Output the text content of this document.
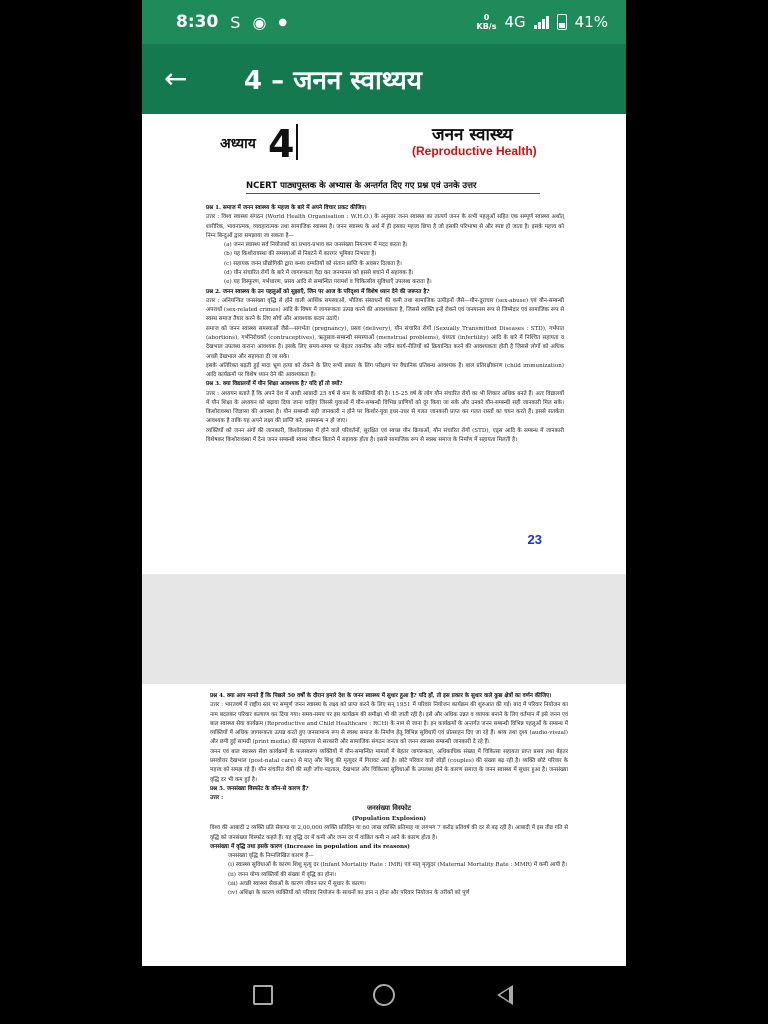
8:30 S ◉ ●	0
KB/s 4G	41%
←	4 – जनन स्वाथ्यय
अध्याय 4	जनन स्वास्थ्य
(Reproductive Health)
NCERT पाठ्यपुस्तक के अभ्यास के अन्तर्गत दिए गए प्रश्न एवं उनके उत्तर
प्रश्न 1. समाज में जनन स्वास्थ्य के महत्त्व के बारे में अपने विचार प्रकट कीजिए।
उत्तर : विश्व स्वास्थ्य संगठन (World Health Organisation : W.H.O.) के अनुसार जनन स्वास्थ्य का तात्पर्य जनन के सभी पहलुओं सहित एक सम्पूर्ण स्वास्थ्य अर्थात् शारीरिक, भावनात्मक, व्यवहारात्मक तथा सामाजिक स्वास्थ्य है। जनन स्वास्थ्य के अर्थ में ही इसका महत्त्व छिपा है जो इसकी परिभाषा से और स्पष्ट हो जाता है। इसके महत्त्व को निम्न बिन्दुओं द्वारा समझाया जा सकता है—
(a) जनन स्वास्थ्य सर्व नियोजकों का प्रभाव-प्रभाव कर जनसंख्या नियन्त्रण में मदद करता है।
(b) यह किशोरावस्था की समस्याओं से निबटने में कारगर भूमिका निभाता है।
(c) सहायक जनन प्रौद्योगिकी द्वारा बन्ध्य दम्पतियों को संतान प्राप्ति के अवसर दिलाता है।
(d) यौन संचारित रोगों के बारे में जागरूकता पैदा कर जनमानस को इससे बचाने में सहायक है।
(e) यह विस्फुरण, गर्भधारण, प्रसव आदि से सम्बन्धित परामर्श व चिकित्सीय सुविधाएँ उपलब्ध कराता है।
प्रश्न 2. जनन स्वास्थ्य के उन पहलुओं को सुझाएँ, जिन पर आज के परिदृश्य में विशेष ध्यान देने की जरूरत है?
उत्तर : अनियन्त्रित जनसंख्या वृद्धि से होने वाली आर्थिक समस्याओं, भौतिक संसाधनों की कमी तथा सामाजिक उत्पीड़नों जैसे—यौन-दुराचार (sex-abuse) एवं यौन-सम्बन्धी अपराधों (sex-related crimes) आदि के विषय में जागरूकता उत्पन्न करने की आवश्यकता है, जिससे व्यक्ति इन्हें रोकने एवं जनमानस रूप से जिम्मेदार एवं सामाजिक रूप से स्वस्थ समाज तैयार करने के लिए सोचें और आवश्यक कदम उठाएँ।
समाज को जनन स्वास्थ्य समस्याओं जैसे—सगर्भता (pregnancy), प्रसव (delivery), यौन संचारित रोगों (Sexually Transmitted Diseases : STD), गर्भपात (abortions), गर्भनिरोधकों (contraceptives), ऋतुस्राव-सम्बन्धी समस्याओं (menstrual problems), बंध्यता (infertility) आदि के बारे में निश्चित सहायता व देखभाल उपलब्ध कराना आवश्यक है। इसके लिए समय-समय पर बेहतर तकनीक और नवीन कार्य-नीतियों को क्रियान्वित करने की आवश्यकता होती है जिससे लोगों को अधिक अच्छी देखभाल और सहायता दी जा सके।
इसके अतिरिक्त बढ़ती हुई मादा भ्रूण हत्या को रोकने के लिए सभी प्रकार के लिंग परीक्षण पर वैधानिक प्रतिबन्ध आवश्यक है। बाल प्रतिरक्षीकरण (child immunization) आदि कार्यक्रमों पर विशेष ध्यान देने की आवश्यकता है।
प्रश्न 3. क्या विद्यालयों में यौन शिक्षा आवश्यक है? यदि हाँ तो क्यों?
उत्तर : अध्ययन बताते हैं कि अपने देश में आधी आबादी 25 वर्ष से कम के व्यक्तियों की है। 15-25 वर्ष के लोग यौन संचारित रोगों का भी शिकार अधिक बनते हैं। अतः विद्यालयों में यौन शिक्षा के अध्ययन को बढ़ावा दिया जाना चाहिए जिससे युवाओं में यौन-सम्बन्धी विभिन्न प्राणियों को दूर किया जा सके और उनको यौन-सम्बन्धी सही जानकारी मिल सके। किशोरावस्था जिज्ञासा की अवस्था है। यौन सम्बन्धी सही जानकारी न होने पर किशोर-युवा इधर-उधर से गलत जानकारी प्राप्त कर गलत रास्तों का चयन करते हैं। इससे सतर्कता आवश्यक है ताकि यह अपने लक्ष्य की प्राप्ति करे, इसमबन्ध न हो जाए।
व्यक्तियों को जनन अंगों की जानकारी, किशोरावस्था में होने वाले परिवर्तनों, सुरक्षित एवं स्वच्छ यौन क्रियाओं, यौन संचारित रोगों (STD), एड्स आदि के सम्बन्ध में जानकारी विशेषकर किशोरावस्था में देना जनन सम्बन्धी स्वस्थ जीवन बिताने में सहायक होता है। इससे सामाजिक रूप से स्वस्थ समाज के निर्माण में सहायता मिलती है।
23
प्रश्न 4. क्या आप मानते हैं कि पिछले 50 वर्षों के दौरान हमारे देश के जनन स्वास्थ्य में सुधार हुआ है? यदि हाँ, तो इस प्रकार के सुधार वाले कुछ क्षेत्रों का वर्णन कीजिए।
उत्तर : भारतवर्ष में राष्ट्रीय स्तर पर सम्पूर्ण जनन स्वास्थ्य के लक्ष्य को प्राप्त करने के लिए सन् 1951 में परिवार नियोजन कार्यक्रम की शुरुआत की गई। बाद में परिवार नियोजन का नाम बदलकर परिवार कल्याण कर दिया गया। समय-समय पर इस कार्यक्रम की समीक्षा भी की जाती रही है। इसे और अधिक उन्नत व व्यापक बनाने के लिए वर्तमान में इसे जनन एवं बाल स्वास्थ्य सेवा कार्यक्रम (Reproductive and Child Healthcare : RCH) के नाम से जाना है। इन कार्यक्रमों के अन्तर्गत जनन सम्बन्धी विभिन्न पहलुओं के सम्बन्ध में व्यक्तियों में अधिक जागरूकता उत्पन्न करते हुए जनसामान्य रूप से स्वस्थ समाज के निर्माण हेतु विभिन्न सुविधाएँ एवं प्रोत्साहन दिए जा रहे हैं। श्रव्य तथा दृश्य (audio-visual) और छपी हुई सामग्री (print media) की सहायता से सरकारी और सामाजिक संगठन जनता को जनन स्वास्थ्य सम्बन्धी जानकारी दे रहे हैं।
जनन एवं बाल स्वास्थ्य सेवा कार्यक्रमों के फलस्वरूप व्यक्तियों में यौन-सम्बन्धित मामलों में बेहतर जागरूकता, अधिकाधिक संख्या में चिकित्सा सहायता प्राप्त प्रसव तथा बेहतर प्रसवोत्तर देखभाल (post-natal care) से मातृ और शिशु की मृत्युदर में गिरावट आई है। छोटे परिवार वाले जोड़ों (couples) की संख्या बढ़ रही है। व्यक्ति छोटे परिवार के महत्त्व को समझ रहे हैं। यौन संचारित रोगों की सही जाँच-पड़ताल, देखभाल और चिकित्सा सुविधाओं के उपलब्ध होने के कारण समाज के जनन स्वास्थ्य में सुधार हुआ है। जनसंख्या वृद्धि दर भी कम हुई है।
प्रश्न 5. जनसंख्या विस्फोट के कौन-से कारण हैं?
उत्तर :
जनसंख्या विस्फोट
(Population Explosion)
विश्व की आबादी 2 व्यक्ति प्रति सेकण्ड या 2,00,000 व्यक्ति प्रतिदिन या 60 लाख व्यक्ति प्रतिमाह या लगभग 7 करोड़ प्रतिवर्ष की दर से बढ़ रही है। आबादी में इस तीव्र गति से वृद्धि को जनसंख्या विस्फोट कहते हैं। यह वृद्धि दर में कमी और जन्म दर में वांछित कमी न आने के कारण होता है।
जनसंख्या में वृद्धि तथा इसके कारण (Increase in population and its reasons)
जनसंख्या वृद्धि के निम्नलिखित कारण हैं—
(i) स्वास्थ्य सुविधाओं के कारण शिशु मृत्यु दर (Infant Mortality Rate : IMR) एवं मातृ मृत्युदर (Maternal Mortality Rate : MMR) में कमी आयी है।
(ii) जनन योग्य व्यक्तियों की संख्या में वृद्धि का होना।
(iii) अच्छी स्वास्थ्य सेवाओं के कारण जीवन स्तर में सुधार के कारण।
(iv) अशिक्षा के कारण व्यक्तियों को परिवार नियोजन के साधनों का ज्ञान न होना और परिवार नियोजन के तरीकों को पूर्ण
